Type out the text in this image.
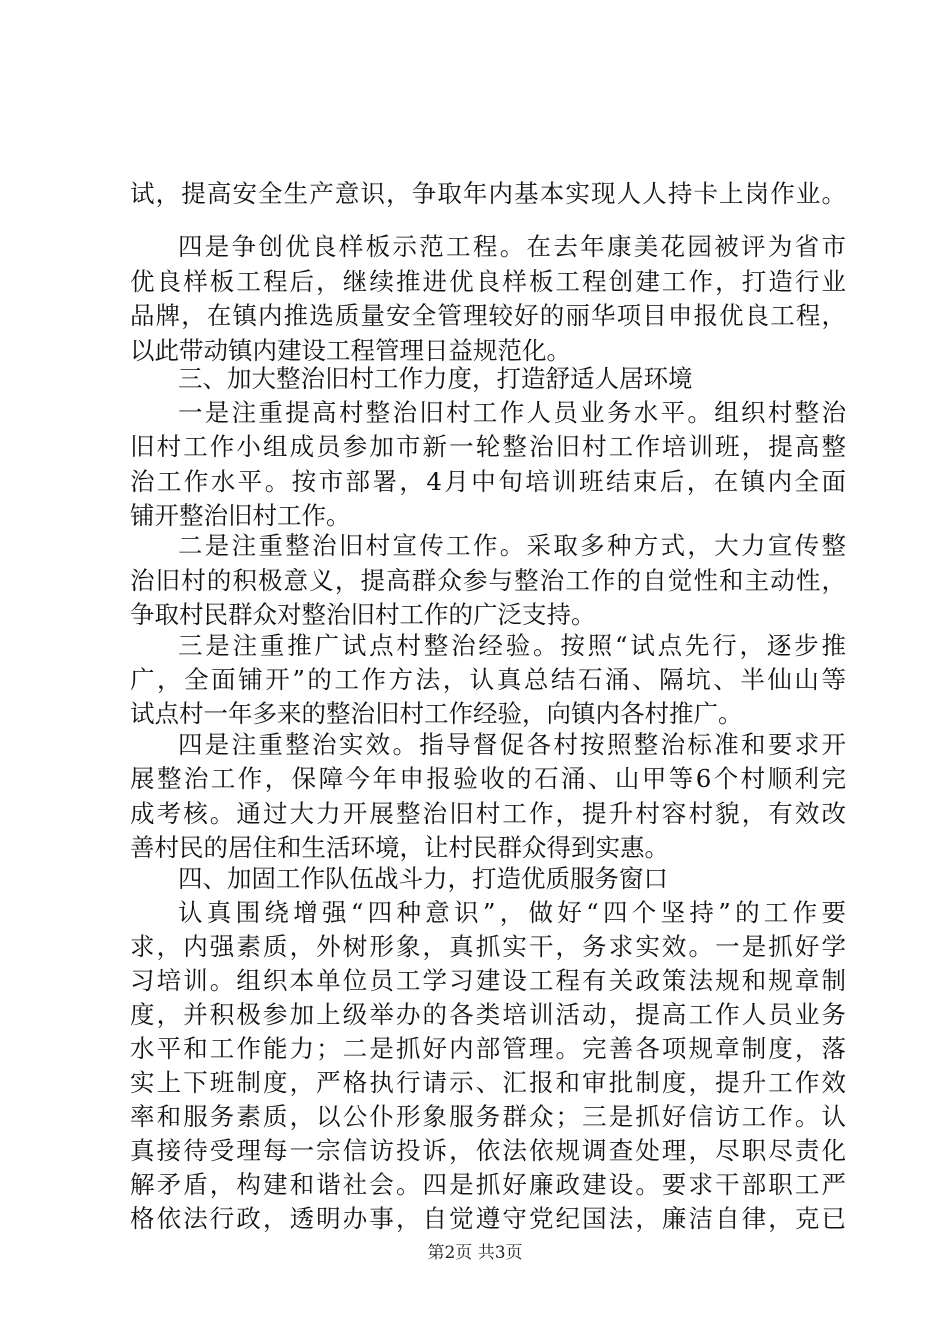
试，提高安全生产意识，争取年内基本实现人人持卡上岗作业。
四是争创优良样板示范工程。在去年康美花园被评为省市
优良样板工程后，继续推进优良样板工程创建工作，打造行业
品牌，在镇内推选质量安全管理较好的丽华项目申报优良工程，
以此带动镇内建设工程管理日益规范化。
三、加大整治旧村工作力度，打造舒适人居环境
一是注重提高村整治旧村工作人员业务水平。组织村整治
旧村工作小组成员参加市新一轮整治旧村工作培训班，提高整
治工作水平。按市部署，4月中旬培训班结束后，在镇内全面
铺开整治旧村工作。
二是注重整治旧村宣传工作。采取多种方式，大力宣传整
治旧村的积极意义，提高群众参与整治工作的自觉性和主动性，
争取村民群众对整治旧村工作的广泛支持。
三是注重推广试点村整治经验。按照“试点先行，逐步推
广，全面铺开”的工作方法，认真总结石涌、隔坑、半仙山等
试点村一年多来的整治旧村工作经验，向镇内各村推广。
四是注重整治实效。指导督促各村按照整治标准和要求开
展整治工作，保障今年申报验收的石涌、山甲等6个村顺利完
成考核。通过大力开展整治旧村工作，提升村容村貌，有效改
善村民的居住和生活环境，让村民群众得到实惠。
四、加固工作队伍战斗力，打造优质服务窗口
认真围绕增强“四种意识”，做好“四个坚持”的工作要
求，内强素质，外树形象，真抓实干，务求实效。一是抓好学
习培训。组织本单位员工学习建设工程有关政策法规和规章制
度，并积极参加上级举办的各类培训活动，提高工作人员业务
水平和工作能力；二是抓好内部管理。完善各项规章制度，落
实上下班制度，严格执行请示、汇报和审批制度，提升工作效
率和服务素质，以公仆形象服务群众；三是抓好信访工作。认
真接待受理每一宗信访投诉，依法依规调查处理，尽职尽责化
解矛盾，构建和谐社会。四是抓好廉政建设。要求干部职工严
格依法行政，透明办事，自觉遵守党纪国法，廉洁自律，克已
第2页 共3页
